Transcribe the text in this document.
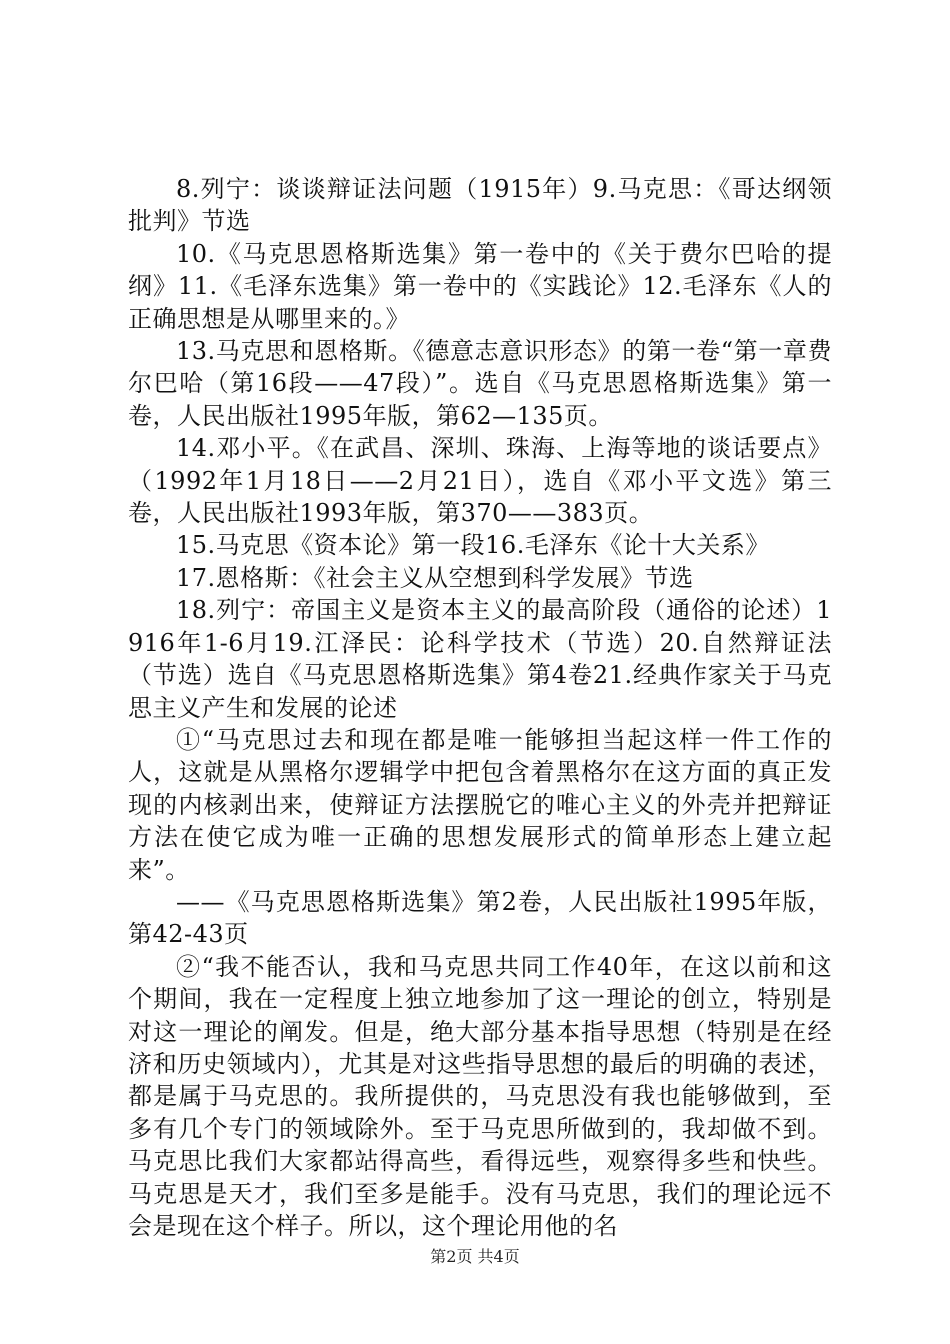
8.列宁：谈谈辩证法问题（1915年）9.马克思：《哥达纲领批判》节选

10.《马克思恩格斯选集》第一卷中的《关于费尔巴哈的提纲》11.《毛泽东选集》第一卷中的《实践论》12.毛泽东《人的正确思想是从哪里来的。》

13.马克思和恩格斯。《德意志意识形态》的第一卷“第一章费尔巴哈（第16段——47段）”。选自《马克思恩格斯选集》第一卷，人民出版社1995年版，第62—135页。

14.邓小平。《在武昌、深圳、珠海、上海等地的谈话要点》（1992年1月18日——2月21日），选自《邓小平文选》第三卷，人民出版社1993年版，第370——383页。

15.马克思《资本论》第一段16.毛泽东《论十大关系》

17.恩格斯：《社会主义从空想到科学发展》节选

18.列宁：帝国主义是资本主义的最高阶段（通俗的论述）1916年1-6月19.江泽民：论科学技术（节选）20.自然辩证法（节选）选自《马克思恩格斯选集》第4卷21.经典作家关于马克思主义产生和发展的论述

①“马克思过去和现在都是唯一能够担当起这样一件工作的人，这就是从黑格尔逻辑学中把包含着黑格尔在这方面的真正发现的内核剥出来，使辩证方法摆脱它的唯心主义的外壳并把辩证方法在使它成为唯一正确的思想发展形式的简单形态上建立起来”。

——《马克思恩格斯选集》第2卷，人民出版社1995年版，第42-43页

②“我不能否认，我和马克思共同工作40年，在这以前和这个期间，我在一定程度上独立地参加了这一理论的创立，特别是对这一理论的阐发。但是，绝大部分基本指导思想（特别是在经济和历史领域内），尤其是对这些指导思想的最后的明确的表述，都是属于马克思的。我所提供的，马克思没有我也能够做到，至多有几个专门的领域除外。至于马克思所做到的，我却做不到。马克思比我们大家都站得高些，看得远些，观察得多些和快些。马克思是天才，我们至多是能手。没有马克思，我们的理论远不会是现在这个样子。所以，这个理论用他的名

第2页 共4页
